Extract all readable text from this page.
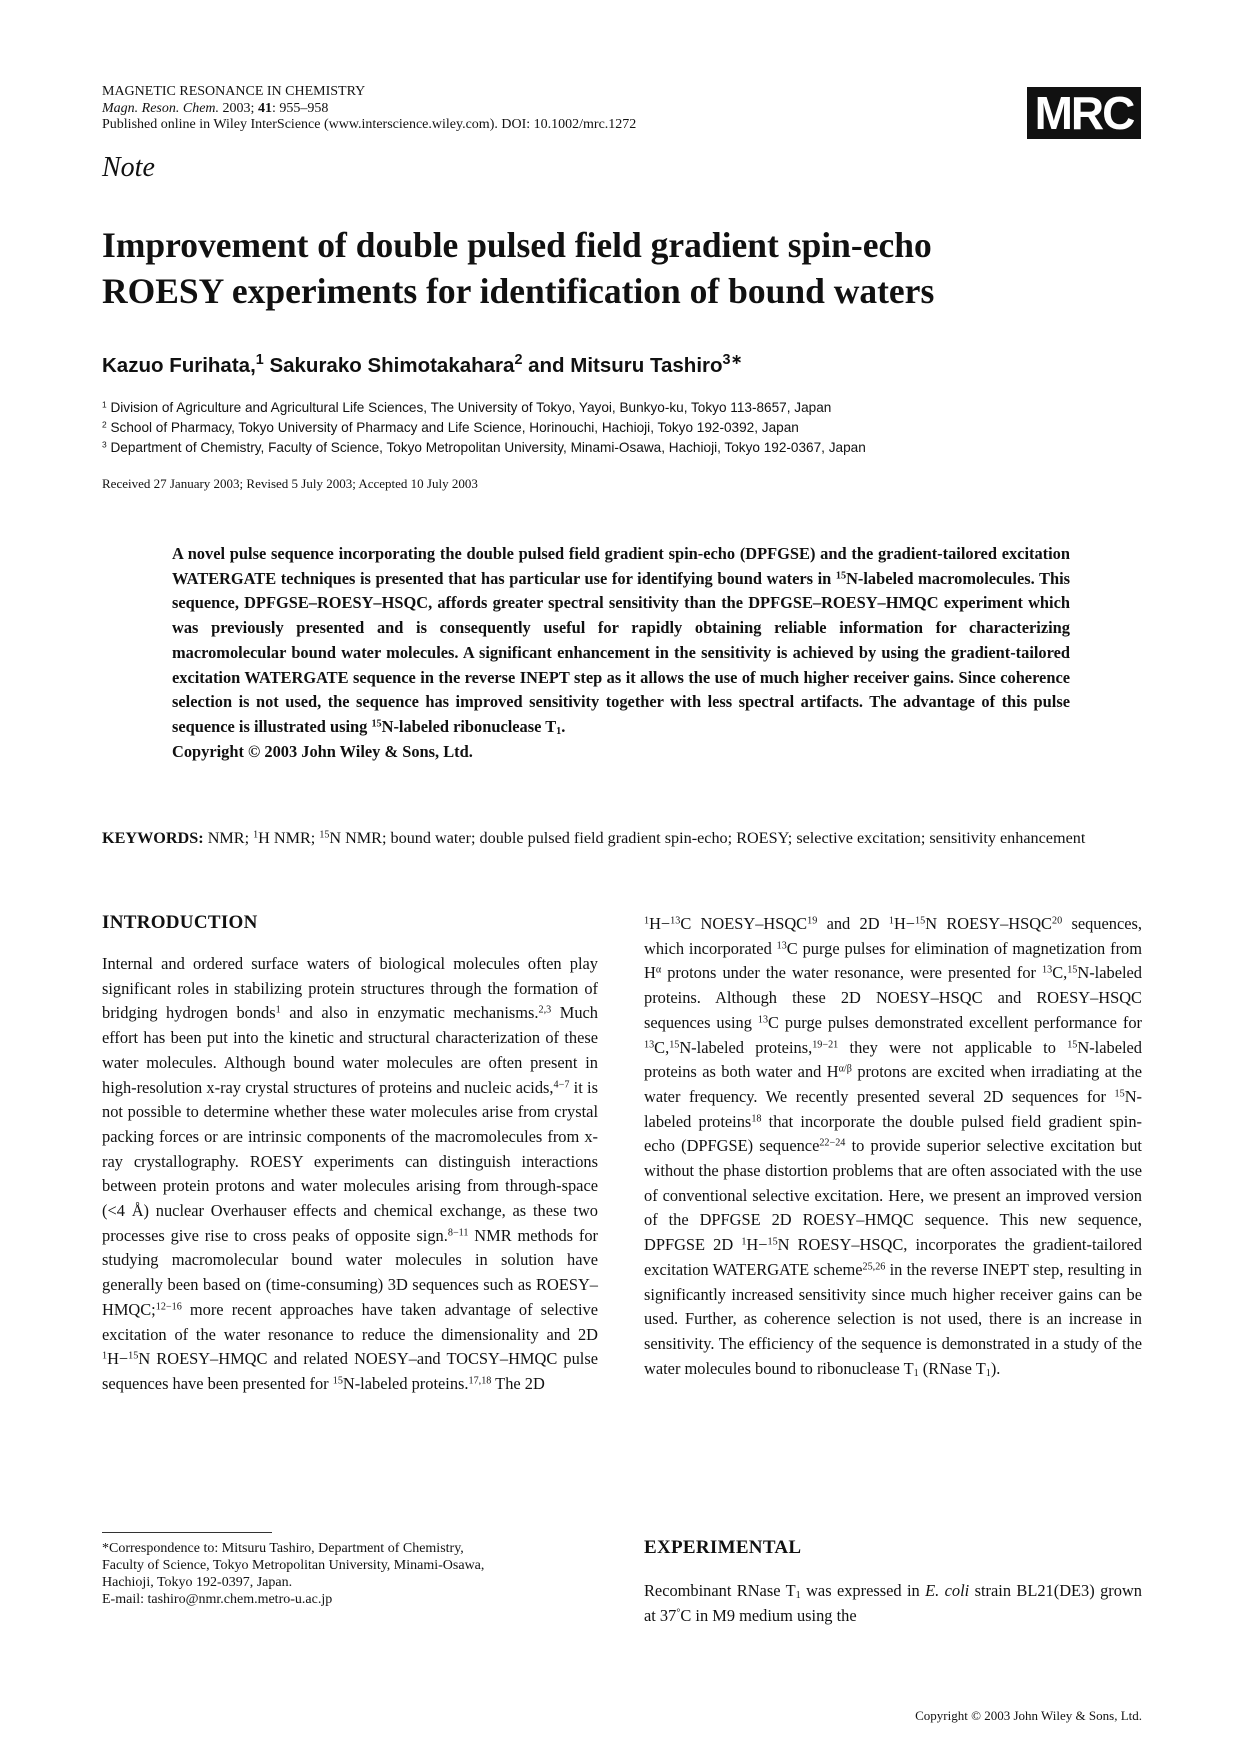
MAGNETIC RESONANCE IN CHEMISTRY
Magn. Reson. Chem. 2003; 41: 955–958
Published online in Wiley InterScience (www.interscience.wiley.com). DOI: 10.1002/mrc.1272	MRC
Note
Improvement of double pulsed field gradient spin-echo
ROESY experiments for identification of bound waters
Kazuo Furihata,$^1$ Sakurako Shimotakahara$^2$ and Mitsuru Tashiro$^{3∗}$
$^1$ Division of Agriculture and Agricultural Life Sciences, The University of Tokyo, Yayoi, Bunkyo-ku, Tokyo 113-8657, Japan
$^2$ School of Pharmacy, Tokyo University of Pharmacy and Life Science, Horinouchi, Hachioji, Tokyo 192-0392, Japan
$^3$ Department of Chemistry, Faculty of Science, Tokyo Metropolitan University, Minami-Osawa, Hachioji, Tokyo 192-0367, Japan
Received 27 January 2003; Revised 5 July 2003; Accepted 10 July 2003
A novel pulse sequence incorporating the double pulsed field gradient spin-echo (DPFGSE) and the gradient-tailored excitation WATERGATE techniques is presented that has particular use for identifying bound waters in $^{15}$N-labeled macromolecules. This sequence, DPFGSE–ROESY–HSQC, affords greater spectral sensitivity than the DPFGSE–ROESY–HMQC experiment which was previously presented and is consequently useful for rapidly obtaining reliable information for characterizing macromolecular bound water molecules. A significant enhancement in the sensitivity is achieved by using the gradient-tailored excitation WATERGATE sequence in the reverse INEPT step as it allows the use of much higher receiver gains. Since coherence selection is not used, the sequence has improved sensitivity together with less spectral artifacts. The advantage of this pulse sequence is illustrated using $^{15}$N-labeled ribonuclease $T_1$.
Copyright © 2003 John Wiley & Sons, Ltd.
KEYWORDS: NMR; $^1$H NMR; $^{15}$N NMR; bound water; double pulsed field gradient spin-echo; ROESY; selective excitation; sensitivity enhancement
INTRODUCTION
Internal and ordered surface waters of biological molecules often play significant roles in stabilizing protein structures through the formation of bridging hydrogen bonds$^1$ and also in enzymatic mechanisms.$^{2,3}$ Much effort has been put into the kinetic and structural characterization of these water molecules. Although bound water molecules are often present in high-resolution x-ray crystal structures of proteins and nucleic acids,$^{4-7}$ it is not possible to determine whether these water molecules arise from crystal packing forces or are intrinsic components of the macromolecules from x-ray crystallography. ROESY experiments can distinguish interactions between protein protons and water molecules arising from through-space (<4 Å) nuclear Overhauser effects and chemical exchange, as these two processes give rise to cross peaks of opposite sign.$^{8-11}$ NMR methods for studying macromolecular bound water molecules in solution have generally been based on (time-consuming) 3D sequences such as ROESY–HMQC;$^{12-16}$ more recent approaches have taken advantage of selective excitation of the water resonance to reduce the dimensionality and 2D $^1$H−$^{15}$N ROESY–HMQC and related NOESY–and TOCSY–HMQC pulse sequences have been presented for $^{15}$N-labeled proteins.$^{17,18}$ The 2D
$^1$H−$^{13}$C NOESY–HSQC$^{19}$ and 2D $^1$H−$^{15}$N ROESY–HSQC$^{20}$ sequences, which incorporated $^{13}$C purge pulses for elimination of magnetization from $H^\alpha$ protons under the water resonance, were presented for $^{13}$C,$^{15}$N-labeled proteins. Although these 2D NOESY–HSQC and ROESY–HSQC sequences using $^{13}$C purge pulses demonstrated excellent performance for $^{13}$C,$^{15}$N-labeled proteins,$^{19-21}$ they were not applicable to $^{15}$N-labeled proteins as both water and $H^{\alpha/\beta}$ protons are excited when irradiating at the water frequency. We recently presented several 2D sequences for $^{15}$N-labeled proteins$^{18}$ that incorporate the double pulsed field gradient spin-echo (DPFGSE) sequence$^{22-24}$ to provide superior selective excitation but without the phase distortion problems that are often associated with the use of conventional selective excitation. Here, we present an improved version of the DPFGSE 2D ROESY–HMQC sequence. This new sequence, DPFGSE 2D $^1$H−$^{15}$N ROESY–HSQC, incorporates the gradient-tailored excitation WATERGATE scheme$^{25,26}$ in the reverse INEPT step, resulting in significantly increased sensitivity since much higher receiver gains can be used. Further, as coherence selection is not used, there is an increase in sensitivity. The efficiency of the sequence is demonstrated in a study of the water molecules bound to ribonuclease $T_1$ (RNase $T_1$).
EXPERIMENTAL
Recombinant RNase $T_1$ was expressed in E. coli strain BL21(DE3) grown at 37°C in M9 medium using the
*Correspondence to: Mitsuru Tashiro, Department of Chemistry,
Faculty of Science, Tokyo Metropolitan University, Minami-Osawa,
Hachioji, Tokyo 192-0397, Japan.
E-mail: tashiro@nmr.chem.metro-u.ac.jp
Copyright © 2003 John Wiley & Sons, Ltd.
